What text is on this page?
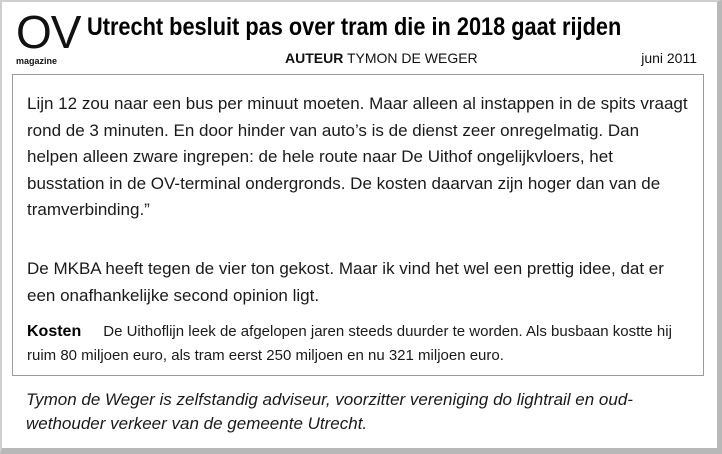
OV
magazine
Utrecht besluit pas over tram die in 2018 gaat rijden
AUTEUR TYMON DE WEGER	juni 2011
Lijn 12 zou naar een bus per minuut moeten. Maar alleen al instappen in de spits vraagt rond de 3 minuten. En door hinder van auto’s is de dienst zeer onregelmatig. Dan helpen alleen zware ingrepen: de hele route naar De Uithof ongelijkvloers, het busstation in de OV-terminal ondergronds. De kosten daarvan zijn hoger dan van de tramverbinding.”
De MKBA heeft tegen de vier ton gekost. Maar ik vind het wel een prettig idee, dat er een onafhankelijke second opinion ligt.
Kosten De Uithoflijn leek de afgelopen jaren steeds duurder te worden. Als busbaan kostte hij ruim 80 miljoen euro, als tram eerst 250 miljoen en nu 321 miljoen euro.
Tymon de Weger is zelfstandig adviseur, voorzitter vereniging do lightrail en oud-wethouder verkeer van de gemeente Utrecht.
